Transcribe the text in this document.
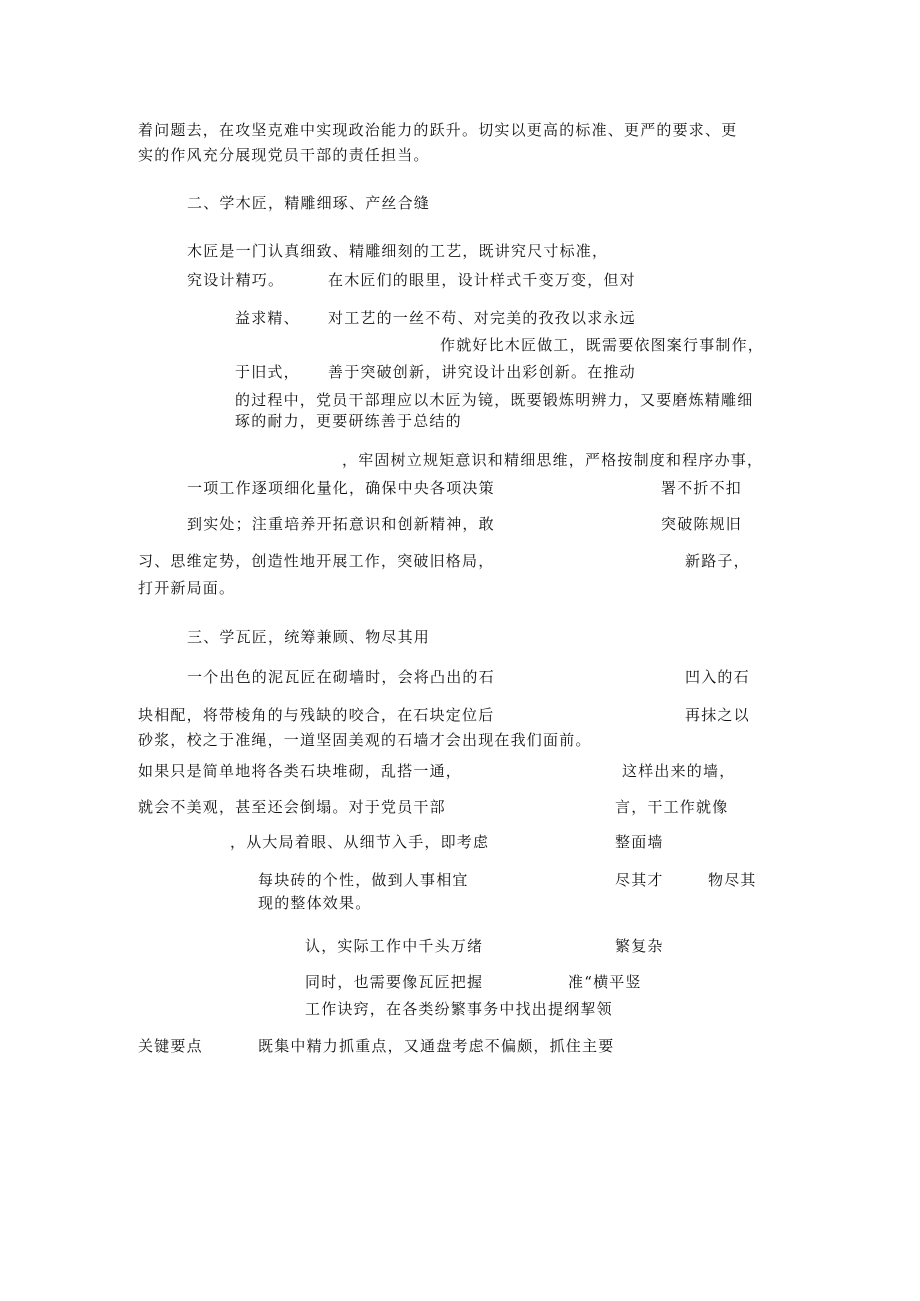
着问题去，在攻坚克难中实现政治能力的跃升。切实以更高的标准、更严的要求、更
实的作风充分展现党员干部的责任担当。
二、学木匠，精雕细琢、产丝合缝
木匠是一门认真细致、精雕细刻的工艺，既讲究尺寸标准，
究设计精巧。	在木匠们的眼里，设计样式千变万变，但对
益求精、 对工艺的一丝不苟、对完美的孜孜以求永远
作就好比木匠做工，既需要依图案行事制作，
于旧式， 善于突破创新，讲究设计出彩创新。在推动
的过程中，党员干部理应以木匠为镜，既要锻炼明辨力，又要磨炼精雕细
琢的耐力，更要研练善于总结的
，牢固树立规矩意识和精细思维，严格按制度和程序办事，
一项工作逐项细化量化，确保中央各项决策	署不折不扣
到实处；注重培养开拓意识和创新精神，敢	突破陈规旧
习、思维定势，创造性地开展工作，突破旧格局，	新路子，
打开新局面。
三、学瓦匠，统筹兼顾、物尽其用
一个出色的泥瓦匠在砌墙时，会将凸出的石	凹入的石
块相配，将带棱角的与残缺的咬合，在石块定位后	再抹之以
砂浆，校之于准绳，一道坚固美观的石墙才会出现在我们面前。
如果只是简单地将各类石块堆砌，乱搭一通，	这样出来的墙，
就会不美观，甚至还会倒塌。对于党员干部	言，干工作就像
，从大局着眼、从细节入手，即考虑	整面墙
每块砖的个性，做到人事相宜	尽其才	物尽其
现的整体效果。
认，实际工作中千头万绪	繁复杂
同时，也需要像瓦匠把握	准“横平竖
工作诀窍，在各类纷繁事务中找出提纲挈领
关键要点	既集中精力抓重点，又通盘考虑不偏颇，抓住主要
